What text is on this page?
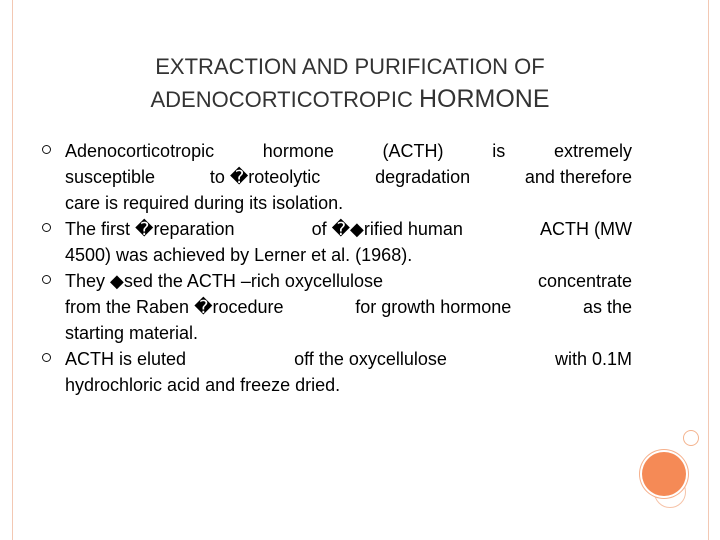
EXTRACTION AND PURIFICATION OF
ADENOCORTICOTROPIC HORMONE
Adenocorticotropic	hormone	(ACTH)	is	extremely
susceptible	to �roteolytic	degradation	and therefore
care is required during its isolation.
The first �reparation	of �◆rified human	ACTH (MW
4500) was achieved by Lerner et al. (1968).
They ◆sed the ACTH –rich oxycellulose	concentrate
from the Raben �rocedure	for growth hormone	as the
starting material.
ACTH is eluted	off the oxycellulose	with 0.1M
hydrochloric acid and freeze dried.
